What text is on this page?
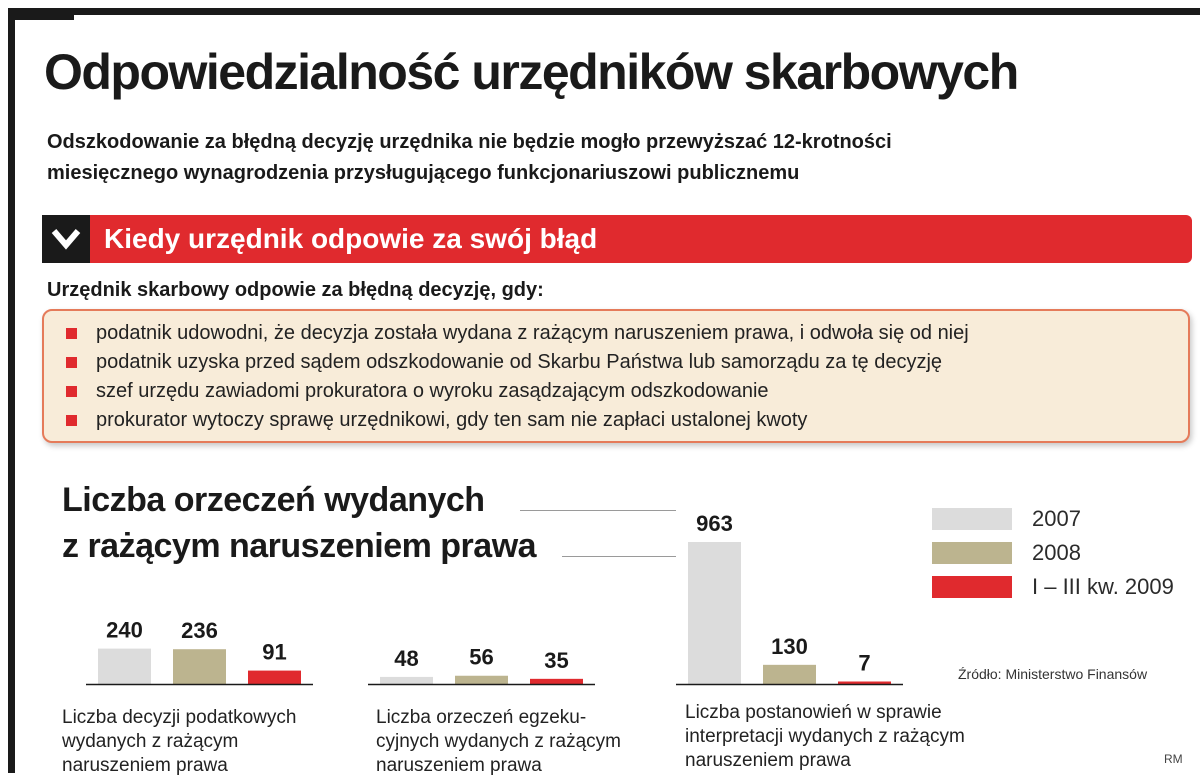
Odpowiedzialność urzędników skarbowych

Odszkodowanie za błędną decyzję urzędnika nie będzie mogło przewyższać 12-krotności
miesięcznego wynagrodzenia przysługującego funkcjonariuszowi publicznemu

Kiedy urzędnik odpowie za swój błąd

Urzędnik skarbowy odpowie za błędną decyzję, gdy:

podatnik udowodni, że decyzja została wydana z rażącym naruszeniem prawa, i odwoła się od niej
podatnik uzyska przed sądem odszkodowanie od Skarbu Państwa lub samorządu za tę decyzję
szef urzędu zawiadomi prokuratora o wyroku zasądzającym odszkodowanie
prokurator wytoczy sprawę urzędnikowi, gdy ten sam nie zapłaci ustalonej kwoty
Liczba orzeczeń wydanych
z rażącym naruszeniem prawa
240 236
91	48 56 35
963
130
7
2007
2008
I – III kw. 2009
Źródło: Ministerstwo Finansów

Liczba decyzji podatkowych
wydanych z rażącym
naruszeniem prawa

Liczba orzeczeń egzeku-
cyjnych wydanych z rażącym
naruszeniem prawa

Liczba postanowień w sprawie
interpretacji wydanych z rażącym
naruszeniem prawa	RM
